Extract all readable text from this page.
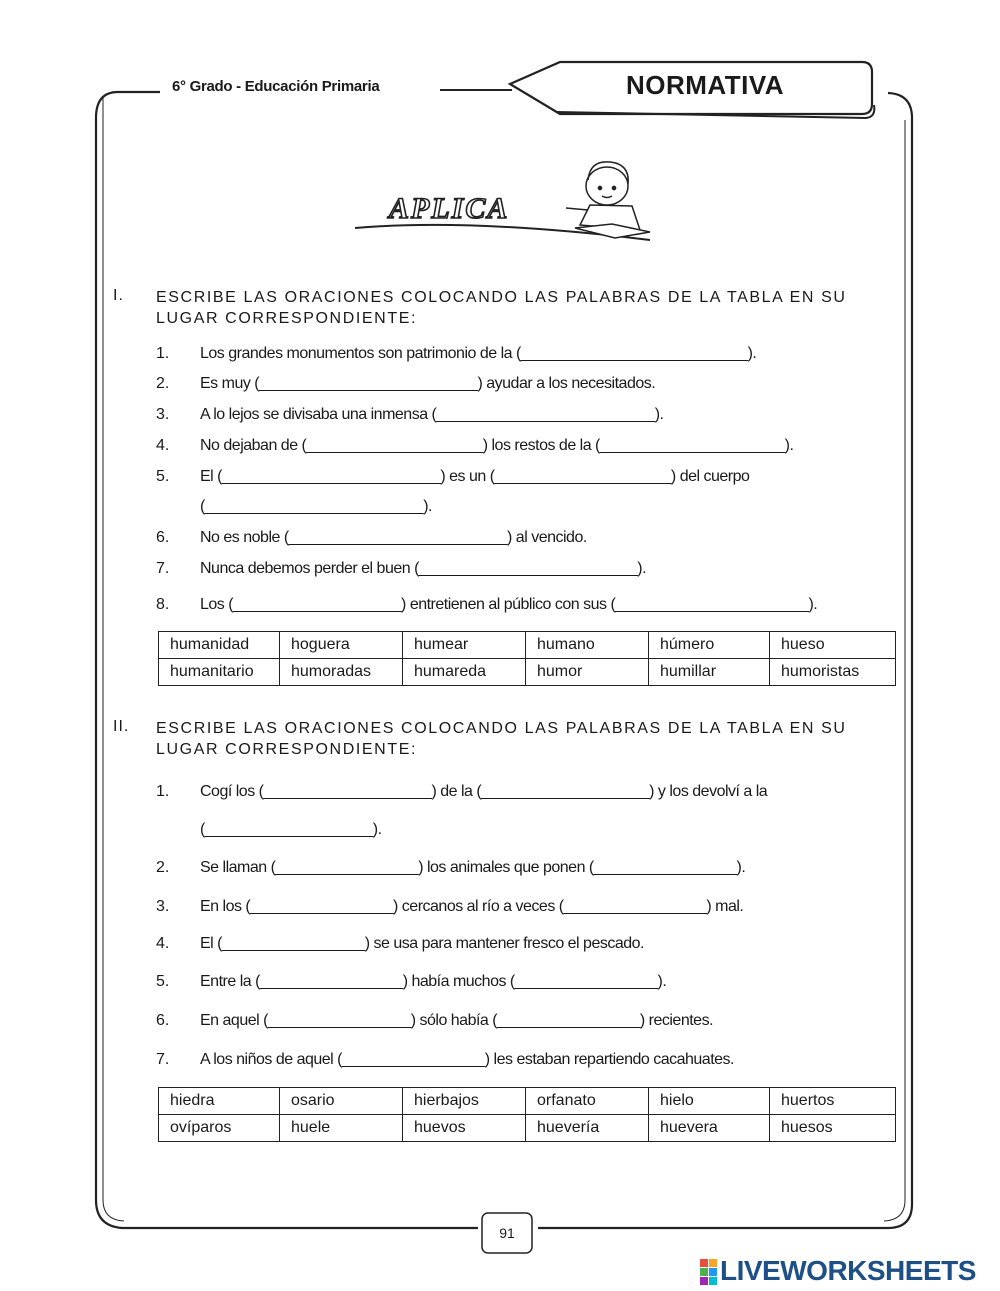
6° Grado - Educación Primaria	NORMATIVA
APLICA
I. ESCRIBE LAS ORACIONES COLOCANDO LAS PALABRAS DE LA TABLA EN SU LUGAR CORRESPONDIENTE:
1.	Los grandes monumentos son patrimonio de la (___________________________).
2.	Es muy (__________________________) ayudar a los necesitados.
3.	A lo lejos se divisaba una inmensa (__________________________).
4.	No dejaban de (_____________________) los restos de la (______________________).
5.	El (__________________________) es un (_____________________) del cuerpo
(__________________________).
6.	No es noble (__________________________) al vencido.
7.	Nunca debemos perder el buen (__________________________).
8.	Los (____________________) entretienen al público con sus (_______________________).
humanidad	hoguera	humear	humano	húmero	hueso
humanitario	humoradas	humareda	humor	humillar	humoristas
II. ESCRIBE LAS ORACIONES COLOCANDO LAS PALABRAS DE LA TABLA EN SU LUGAR CORRESPONDIENTE:
1.	Cogí los (____________________) de la (____________________) y los devolví a la
(____________________).
2.	Se llaman (_________________) los animales que ponen (_________________).
3.	En los (_________________) cercanos al río a veces (_________________) mal.
4.	El (_________________) se usa para mantener fresco el pescado.
5.	Entre la (_________________) había muchos (_________________).
6.	En aquel (_________________) sólo había (_________________) recientes.
7.	A los niños de aquel (_________________) les estaban repartiendo cacahuates.
hiedra	osario	hierbajos	orfanato	hielo	huertos
ovíparos	huele	huevos	huevería	huevera	huesos
91
LIVEWORKSHEETS
